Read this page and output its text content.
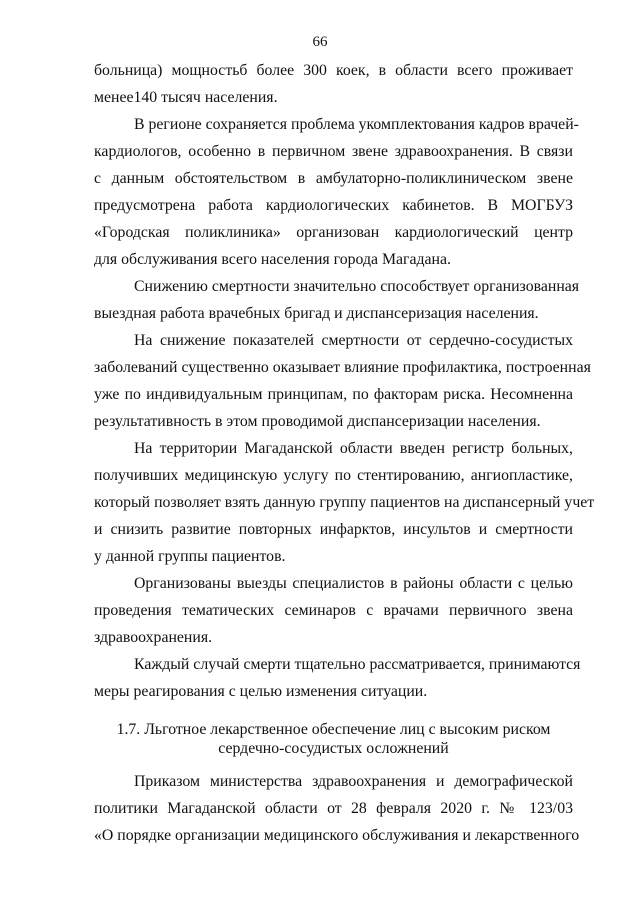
66
больница) мощностьб более 300 коек, в области всего проживает
менее140 тысяч населения.
В регионе сохраняется проблема укомплектования кадров врачей-
кардиологов, особенно в первичном звене здравоохранения. В связи
с данным обстоятельством в амбулаторно-поликлиническом звене
предусмотрена работа кардиологических кабинетов. В МОГБУЗ
«Городская поликлиника» организован кардиологический центр
для обслуживания всего населения города Магадана.
Снижению смертности значительно способствует организованная
выездная работа врачебных бригад и диспансеризация населения.
На снижение показателей смертности от сердечно-сосудистых
заболеваний существенно оказывает влияние профилактика, построенная
уже по индивидуальным принципам, по факторам риска. Несомненна
результативность в этом проводимой диспансеризации населения.
На территории Магаданской области введен регистр больных,
получивших медицинскую услугу по стентированию, ангиопластике,
который позволяет взять данную группу пациентов на диспансерный учет
и снизить развитие повторных инфарктов, инсультов и смертности
у данной группы пациентов.
Организованы выезды специалистов в районы области с целью
проведения тематических семинаров с врачами первичного звена
здравоохранения.
Каждый случай смерти тщательно рассматривается, принимаются
меры реагирования с целью изменения ситуации.
1.7. Льготное лекарственное обеспечение лиц с высоким риском
сердечно-сосудистых осложнений
Приказом министерства здравоохранения и демографической
политики Магаданской области от 28 февраля 2020 г. № 123/03
«О порядке организации медицинского обслуживания и лекарственного
